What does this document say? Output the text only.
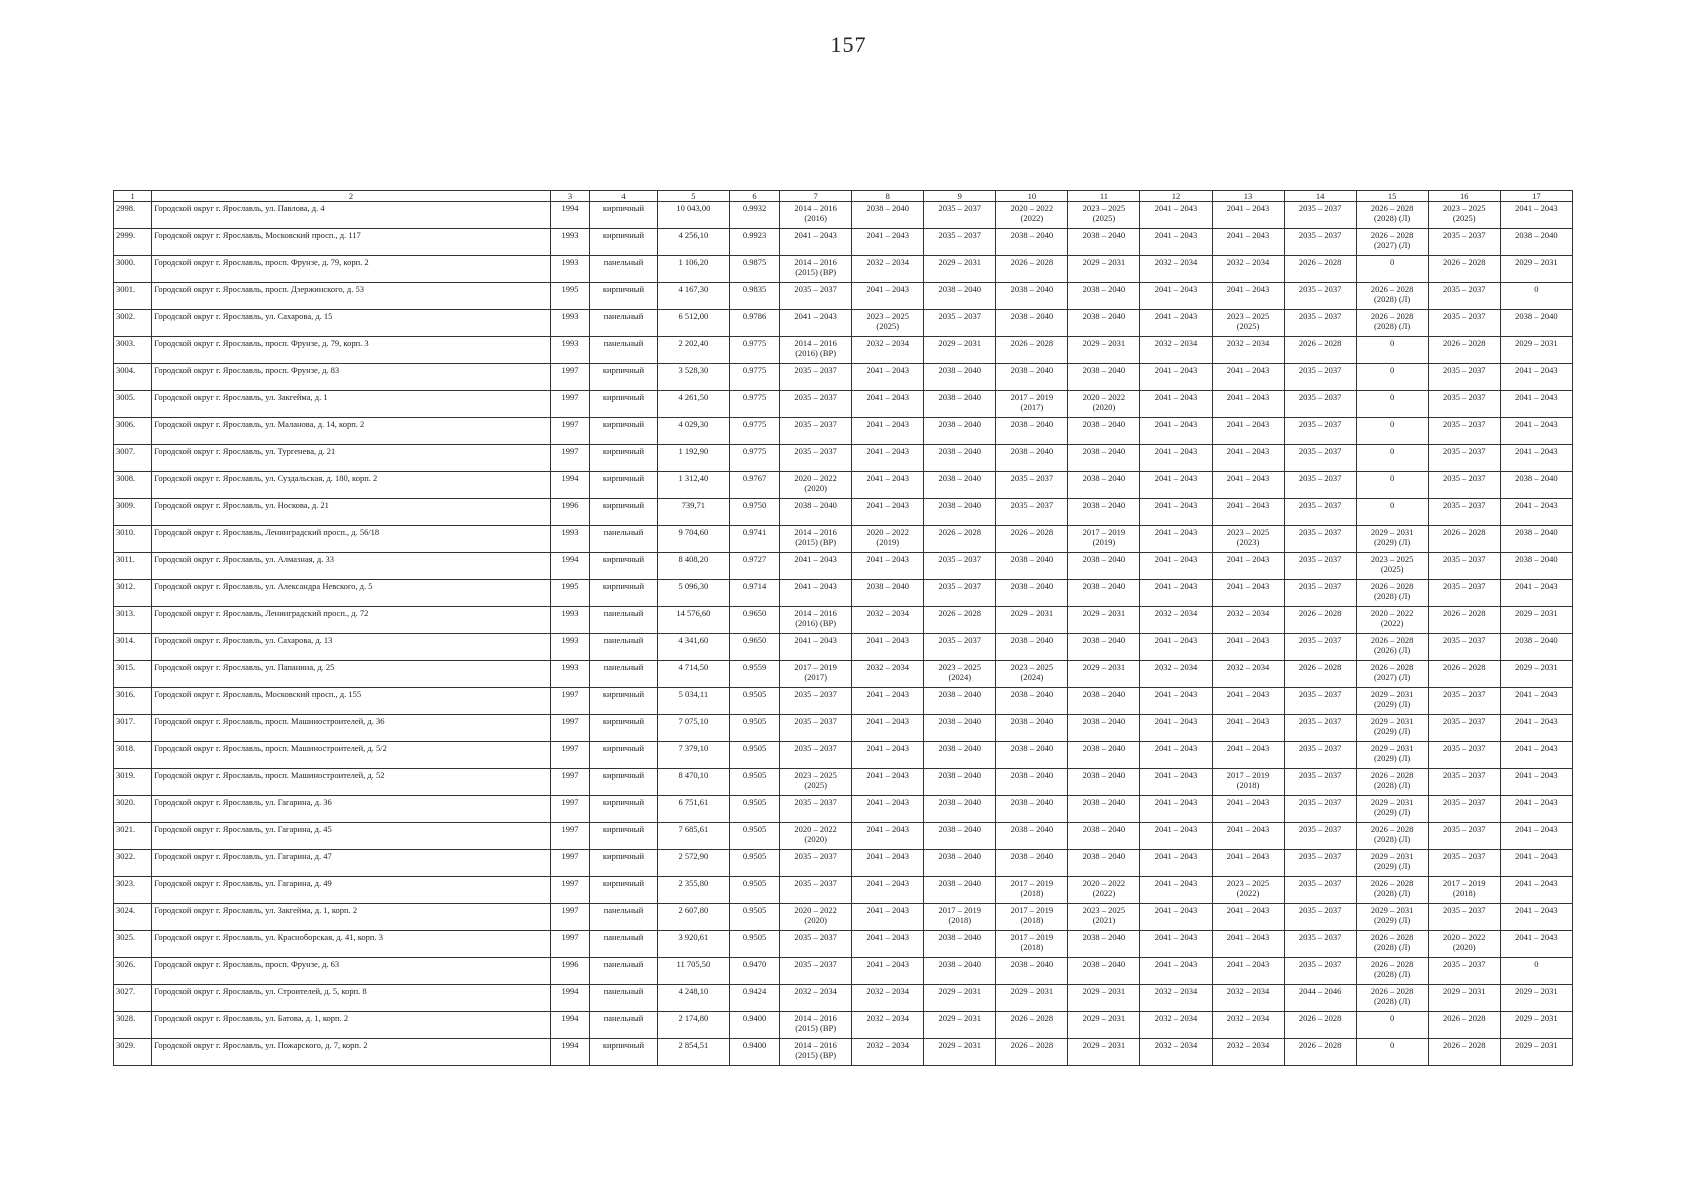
157
1	2	3	4	5	6	7	8	9	10	11	12	13	14	15	16	17
2998.	Городской округ г. Ярославль, ул. Павлова, д. 4	1994	кирпичный	10 043,00	0.9932	2014 – 2016
(2016)	2038 – 2040	2035 – 2037	2020 – 2022
(2022)	2023 – 2025
(2025)	2041 – 2043	2041 – 2043	2035 – 2037	2026 – 2028
(2028) (Л)	2023 – 2025
(2025)	2041 – 2043
2999.	Городской округ г. Ярославль, Московский просп., д. 117	1993	кирпичный	4 256,10	0.9923	2041 – 2043	2041 – 2043	2035 – 2037	2038 – 2040	2038 – 2040	2041 – 2043	2041 – 2043	2035 – 2037	2026 – 2028
(2027) (Л)	2035 – 2037	2038 – 2040
3000.	Городской округ г. Ярославль, просп. Фрунзе, д. 79, корп. 2	1993	панельный	1 106,20	0.9875	2014 – 2016
(2015) (ВР)	2032 – 2034	2029 – 2031	2026 – 2028	2029 – 2031	2032 – 2034	2032 – 2034	2026 – 2028	0	2026 – 2028	2029 – 2031
3001.	Городской округ г. Ярославль, просп. Дзержинского, д. 53	1995	кирпичный	4 167,30	0.9835	2035 – 2037	2041 – 2043	2038 – 2040	2038 – 2040	2038 – 2040	2041 – 2043	2041 – 2043	2035 – 2037	2026 – 2028
(2028) (Л)	2035 – 2037	0
3002.	Городской округ г. Ярославль, ул. Сахарова, д. 15	1993	панельный	6 512,00	0.9786	2041 – 2043	2023 – 2025
(2025)	2035 – 2037	2038 – 2040	2038 – 2040	2041 – 2043	2023 – 2025
(2025)	2035 – 2037	2026 – 2028
(2028) (Л)	2035 – 2037	2038 – 2040
3003.	Городской округ г. Ярославль, просп. Фрунзе, д. 79, корп. 3	1993	панельный	2 202,40	0.9775	2014 – 2016
(2016) (ВР)	2032 – 2034	2029 – 2031	2026 – 2028	2029 – 2031	2032 – 2034	2032 – 2034	2026 – 2028	0	2026 – 2028	2029 – 2031
3004.	Городской округ г. Ярославль, просп. Фрунзе, д. 83	1997	кирпичный	3 528,30	0.9775	2035 – 2037	2041 – 2043	2038 – 2040	2038 – 2040	2038 – 2040	2041 – 2043	2041 – 2043	2035 – 2037	0	2035 – 2037	2041 – 2043
3005.	Городской округ г. Ярославль, ул. Закгейма, д. 1	1997	кирпичный	4 261,50	0.9775	2035 – 2037	2041 – 2043	2038 – 2040	2017 – 2019
(2017)	2020 – 2022
(2020)	2041 – 2043	2041 – 2043	2035 – 2037	0	2035 – 2037	2041 – 2043
3006.	Городской округ г. Ярославль, ул. Маланова, д. 14, корп. 2	1997	кирпичный	4 029,30	0.9775	2035 – 2037	2041 – 2043	2038 – 2040	2038 – 2040	2038 – 2040	2041 – 2043	2041 – 2043	2035 – 2037	0	2035 – 2037	2041 – 2043
3007.	Городской округ г. Ярославль, ул. Тургенева, д. 21	1997	кирпичный	1 192,90	0.9775	2035 – 2037	2041 – 2043	2038 – 2040	2038 – 2040	2038 – 2040	2041 – 2043	2041 – 2043	2035 – 2037	0	2035 – 2037	2041 – 2043
3008.	Городской округ г. Ярославль, ул. Суздальская, д. 180, корп. 2	1994	кирпичный	1 312,40	0.9767	2020 – 2022
(2020)	2041 – 2043	2038 – 2040	2035 – 2037	2038 – 2040	2041 – 2043	2041 – 2043	2035 – 2037	0	2035 – 2037	2038 – 2040
3009.	Городской округ г. Ярославль, ул. Носкова, д. 21	1996	кирпичный	739,71	0.9750	2038 – 2040	2041 – 2043	2038 – 2040	2035 – 2037	2038 – 2040	2041 – 2043	2041 – 2043	2035 – 2037	0	2035 – 2037	2041 – 2043
3010.	Городской округ г. Ярославль, Ленинградский просп., д. 56/18	1993	панельный	9 704,60	0.9741	2014 – 2016
(2015) (ВР)	2020 – 2022
(2019)	2026 – 2028	2026 – 2028	2017 – 2019
(2019)	2041 – 2043	2023 – 2025
(2023)	2035 – 2037	2029 – 2031
(2029) (Л)	2026 – 2028	2038 – 2040
3011.	Городской округ г. Ярославль, ул. Алмазная, д. 33	1994	кирпичный	8 408,20	0.9727	2041 – 2043	2041 – 2043	2035 – 2037	2038 – 2040	2038 – 2040	2041 – 2043	2041 – 2043	2035 – 2037	2023 – 2025
(2025)	2035 – 2037	2038 – 2040
3012.	Городской округ г. Ярославль, ул. Александра Невского, д. 5	1995	кирпичный	5 096,30	0.9714	2041 – 2043	2038 – 2040	2035 – 2037	2038 – 2040	2038 – 2040	2041 – 2043	2041 – 2043	2035 – 2037	2026 – 2028
(2028) (Л)	2035 – 2037	2041 – 2043
3013.	Городской округ г. Ярославль, Ленинградский просп., д. 72	1993	панельный	14 576,60	0.9650	2014 – 2016
(2016) (ВР)	2032 – 2034	2026 – 2028	2029 – 2031	2029 – 2031	2032 – 2034	2032 – 2034	2026 – 2028	2020 – 2022
(2022)	2026 – 2028	2029 – 2031
3014.	Городской округ г. Ярославль, ул. Сахарова, д. 13	1993	панельный	4 341,60	0.9650	2041 – 2043	2041 – 2043	2035 – 2037	2038 – 2040	2038 – 2040	2041 – 2043	2041 – 2043	2035 – 2037	2026 – 2028
(2026) (Л)	2035 – 2037	2038 – 2040
3015.	Городской округ г. Ярославль, ул. Папанина, д. 25	1993	панельный	4 714,50	0.9559	2017 – 2019
(2017)	2032 – 2034	2023 – 2025
(2024)	2023 – 2025
(2024)	2029 – 2031	2032 – 2034	2032 – 2034	2026 – 2028	2026 – 2028
(2027) (Л)	2026 – 2028	2029 – 2031
3016.	Городской округ г. Ярославль, Московский просп., д. 155	1997	кирпичный	5 034,11	0.9505	2035 – 2037	2041 – 2043	2038 – 2040	2038 – 2040	2038 – 2040	2041 – 2043	2041 – 2043	2035 – 2037	2029 – 2031
(2029) (Л)	2035 – 2037	2041 – 2043
3017.	Городской округ г. Ярославль, просп. Машиностроителей, д. 36	1997	кирпичный	7 075,10	0.9505	2035 – 2037	2041 – 2043	2038 – 2040	2038 – 2040	2038 – 2040	2041 – 2043	2041 – 2043	2035 – 2037	2029 – 2031
(2029) (Л)	2035 – 2037	2041 – 2043
3018.	Городской округ г. Ярославль, просп. Машиностроителей, д. 5/2	1997	кирпичный	7 379,10	0.9505	2035 – 2037	2041 – 2043	2038 – 2040	2038 – 2040	2038 – 2040	2041 – 2043	2041 – 2043	2035 – 2037	2029 – 2031
(2029) (Л)	2035 – 2037	2041 – 2043
3019.	Городской округ г. Ярославль, просп. Машиностроителей, д. 52	1997	кирпичный	8 470,10	0.9505	2023 – 2025
(2025)	2041 – 2043	2038 – 2040	2038 – 2040	2038 – 2040	2041 – 2043	2017 – 2019
(2018)	2035 – 2037	2026 – 2028
(2028) (Л)	2035 – 2037	2041 – 2043
3020.	Городской округ г. Ярославль, ул. Гагарина, д. 36	1997	кирпичный	6 751,61	0.9505	2035 – 2037	2041 – 2043	2038 – 2040	2038 – 2040	2038 – 2040	2041 – 2043	2041 – 2043	2035 – 2037	2029 – 2031
(2029) (Л)	2035 – 2037	2041 – 2043
3021.	Городской округ г. Ярославль, ул. Гагарина, д. 45	1997	кирпичный	7 685,61	0.9505	2020 – 2022
(2020)	2041 – 2043	2038 – 2040	2038 – 2040	2038 – 2040	2041 – 2043	2041 – 2043	2035 – 2037	2026 – 2028
(2028) (Л)	2035 – 2037	2041 – 2043
3022.	Городской округ г. Ярославль, ул. Гагарина, д. 47	1997	кирпичный	2 572,90	0.9505	2035 – 2037	2041 – 2043	2038 – 2040	2038 – 2040	2038 – 2040	2041 – 2043	2041 – 2043	2035 – 2037	2029 – 2031
(2029) (Л)	2035 – 2037	2041 – 2043
3023.	Городской округ г. Ярославль, ул. Гагарина, д. 49	1997	кирпичный	2 355,80	0.9505	2035 – 2037	2041 – 2043	2038 – 2040	2017 – 2019
(2018)	2020 – 2022
(2022)	2041 – 2043	2023 – 2025
(2022)	2035 – 2037	2026 – 2028
(2028) (Л)	2017 – 2019
(2018)	2041 – 2043
3024.	Городской округ г. Ярославль, ул. Закгейма, д. 1, корп. 2	1997	панельный	2 607,80	0.9505	2020 – 2022
(2020)	2041 – 2043	2017 – 2019
(2018)	2017 – 2019
(2018)	2023 – 2025
(2021)	2041 – 2043	2041 – 2043	2035 – 2037	2029 – 2031
(2029) (Л)	2035 – 2037	2041 – 2043
3025.	Городской округ г. Ярославль, ул. Красноборская, д. 41, корп. 3	1997	панельный	3 920,61	0.9505	2035 – 2037	2041 – 2043	2038 – 2040	2017 – 2019
(2018)	2038 – 2040	2041 – 2043	2041 – 2043	2035 – 2037	2026 – 2028
(2028) (Л)	2020 – 2022
(2020)	2041 – 2043
3026.	Городской округ г. Ярославль, просп. Фрунзе, д. 63	1996	панельный	11 705,50	0.9470	2035 – 2037	2041 – 2043	2038 – 2040	2038 – 2040	2038 – 2040	2041 – 2043	2041 – 2043	2035 – 2037	2026 – 2028
(2028) (Л)	2035 – 2037	0
3027.	Городской округ г. Ярославль, ул. Строителей, д. 5, корп. 8	1994	панельный	4 248,10	0.9424	2032 – 2034	2032 – 2034	2029 – 2031	2029 – 2031	2029 – 2031	2032 – 2034	2032 – 2034	2044 – 2046	2026 – 2028
(2028) (Л)	2029 – 2031	2029 – 2031
3028.	Городской округ г. Ярославль, ул. Батова, д. 1, корп. 2	1994	панельный	2 174,80	0.9400	2014 – 2016
(2015) (ВР)	2032 – 2034	2029 – 2031	2026 – 2028	2029 – 2031	2032 – 2034	2032 – 2034	2026 – 2028	0	2026 – 2028	2029 – 2031
3029.	Городской округ г. Ярославль, ул. Пожарского, д. 7, корп. 2	1994	кирпичный	2 854,51	0.9400	2014 – 2016
(2015) (ВР)	2032 – 2034	2029 – 2031	2026 – 2028	2029 – 2031	2032 – 2034	2032 – 2034	2026 – 2028	0	2026 – 2028	2029 – 2031
